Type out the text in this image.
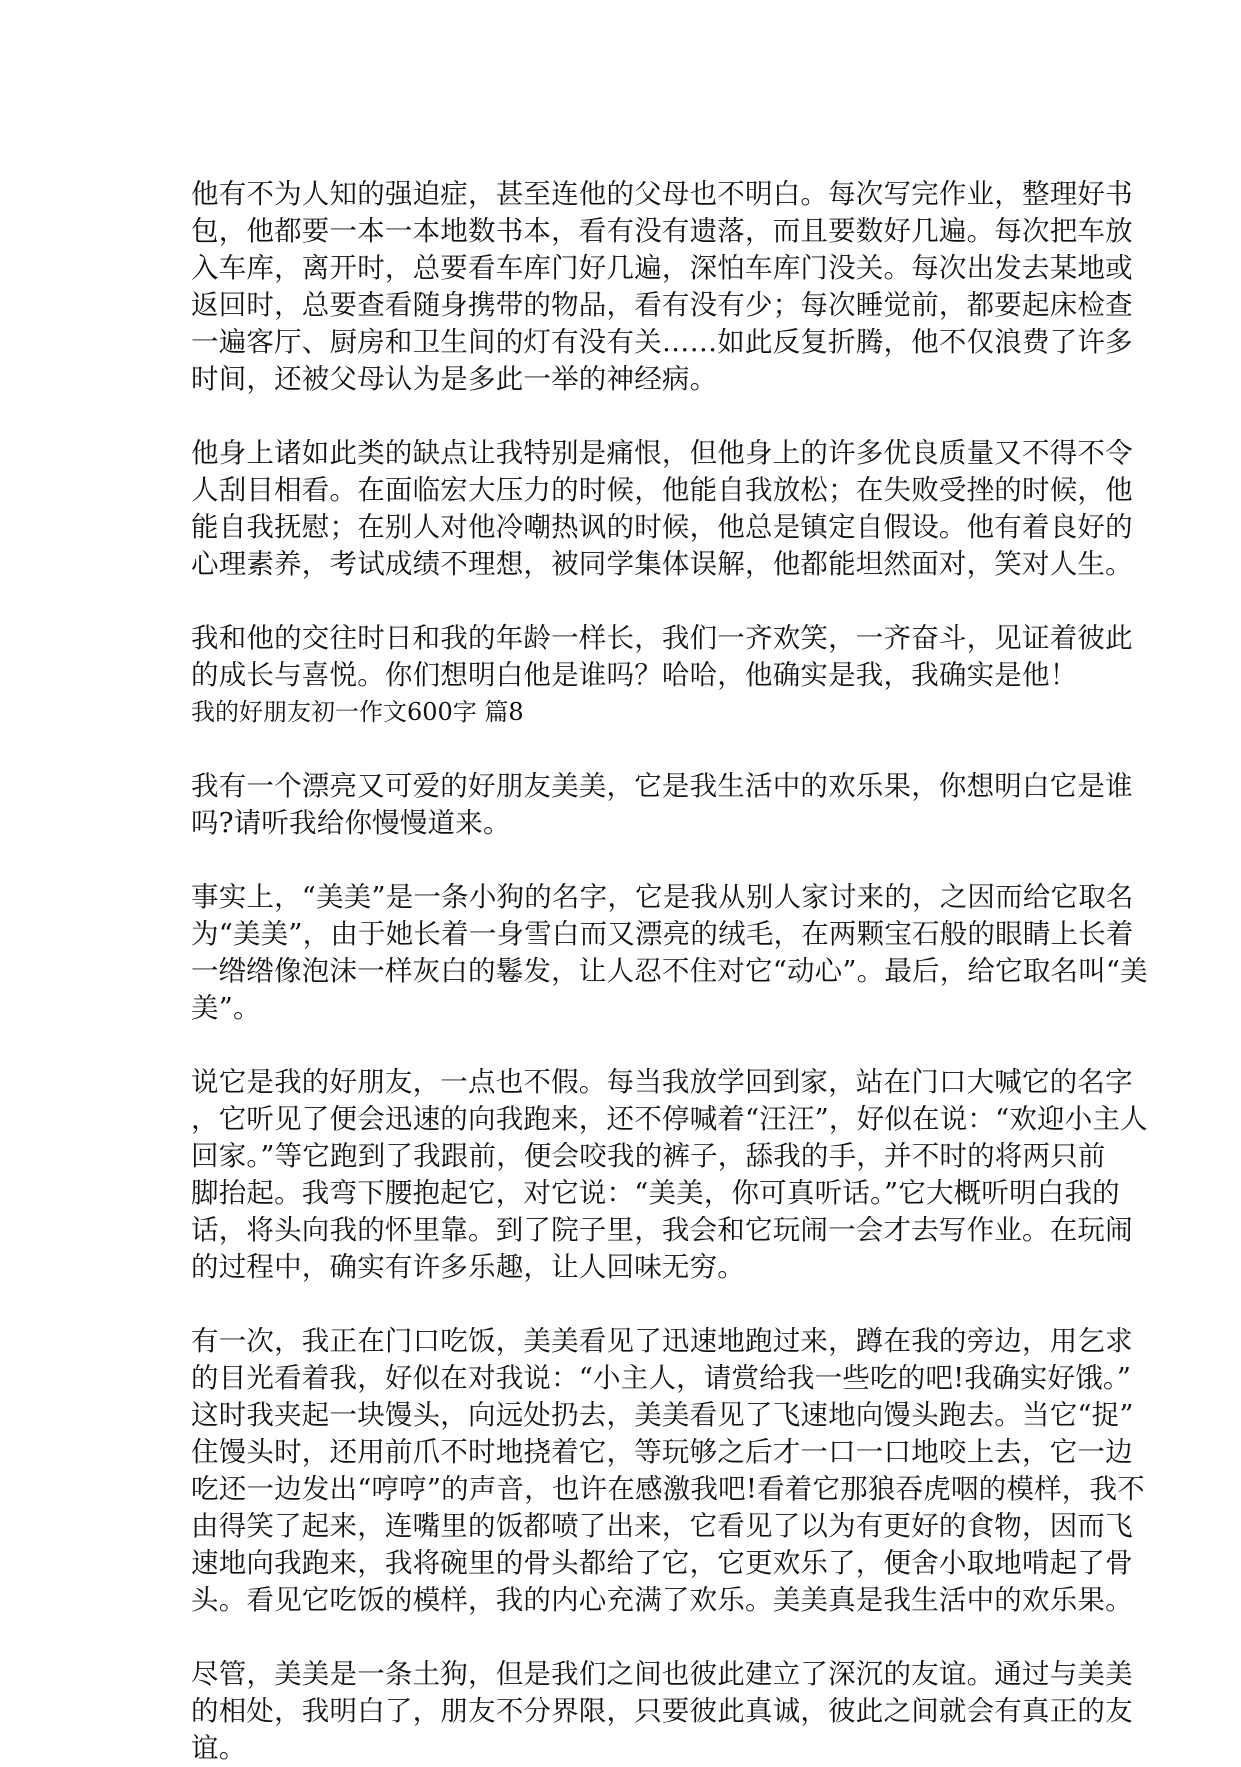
他有不为人知的强迫症，甚至连他的父母也不明白。每次写完作业，整理好书
包，他都要一本一本地数书本，看有没有遗落，而且要数好几遍。每次把车放
入车库，离开时，总要看车库门好几遍，深怕车库门没关。每次出发去某地或
返回时，总要查看随身携带的物品，看有没有少；每次睡觉前，都要起床检查
一遍客厅、厨房和卫生间的灯有没有关……如此反复折腾，他不仅浪费了许多
时间，还被父母认为是多此一举的神经病。
他身上诸如此类的缺点让我特别是痛恨，但他身上的许多优良质量又不得不令
人刮目相看。在面临宏大压力的时候，他能自我放松；在失败受挫的时候，他
能自我抚慰；在别人对他冷嘲热讽的时候，他总是镇定自假设。他有着良好的
心理素养，考试成绩不理想，被同学集体误解，他都能坦然面对，笑对人生。
我和他的交往时日和我的年龄一样长，我们一齐欢笑，一齐奋斗，见证着彼此
的成长与喜悦。你们想明白他是谁吗？哈哈，他确实是我，我确实是他！
我的好朋友初一作文600字 篇8
我有一个漂亮又可爱的好朋友美美，它是我生活中的欢乐果，你想明白它是谁
吗?请听我给你慢慢道来。
事实上，“美美”是一条小狗的名字，它是我从别人家讨来的，之因而给它取名
为“美美”，由于她长着一身雪白而又漂亮的绒毛，在两颗宝石般的眼睛上长着
一绺绺像泡沫一样灰白的鬈发，让人忍不住对它“动心”。最后，给它取名叫“美
美”。
说它是我的好朋友，一点也不假。每当我放学回到家，站在门口大喊它的名字
，它听见了便会迅速的向我跑来，还不停喊着“汪汪”，好似在说：“欢迎小主人
回家。”等它跑到了我跟前，便会咬我的裤子，舔我的手，并不时的将两只前
脚抬起。我弯下腰抱起它，对它说：“美美，你可真听话。”它大概听明白我的
话，将头向我的怀里靠。到了院子里，我会和它玩闹一会才去写作业。在玩闹
的过程中，确实有许多乐趣，让人回味无穷。
有一次，我正在门口吃饭，美美看见了迅速地跑过来，蹲在我的旁边，用乞求
的目光看着我，好似在对我说：“小主人，请赏给我一些吃的吧!我确实好饿。”
这时我夹起一块馒头，向远处扔去，美美看见了飞速地向馒头跑去。当它“捉”
住馒头时，还用前爪不时地挠着它，等玩够之后才一口一口地咬上去，它一边
吃还一边发出“哼哼”的声音，也许在感激我吧!看着它那狼吞虎咽的模样，我不
由得笑了起来，连嘴里的饭都喷了出来，它看见了以为有更好的食物，因而飞
速地向我跑来，我将碗里的骨头都给了它，它更欢乐了，便舍小取地啃起了骨
头。看见它吃饭的模样，我的内心充满了欢乐。美美真是我生活中的欢乐果。
尽管，美美是一条土狗，但是我们之间也彼此建立了深沉的友谊。通过与美美
的相处，我明白了，朋友不分界限，只要彼此真诚，彼此之间就会有真正的友
谊。
